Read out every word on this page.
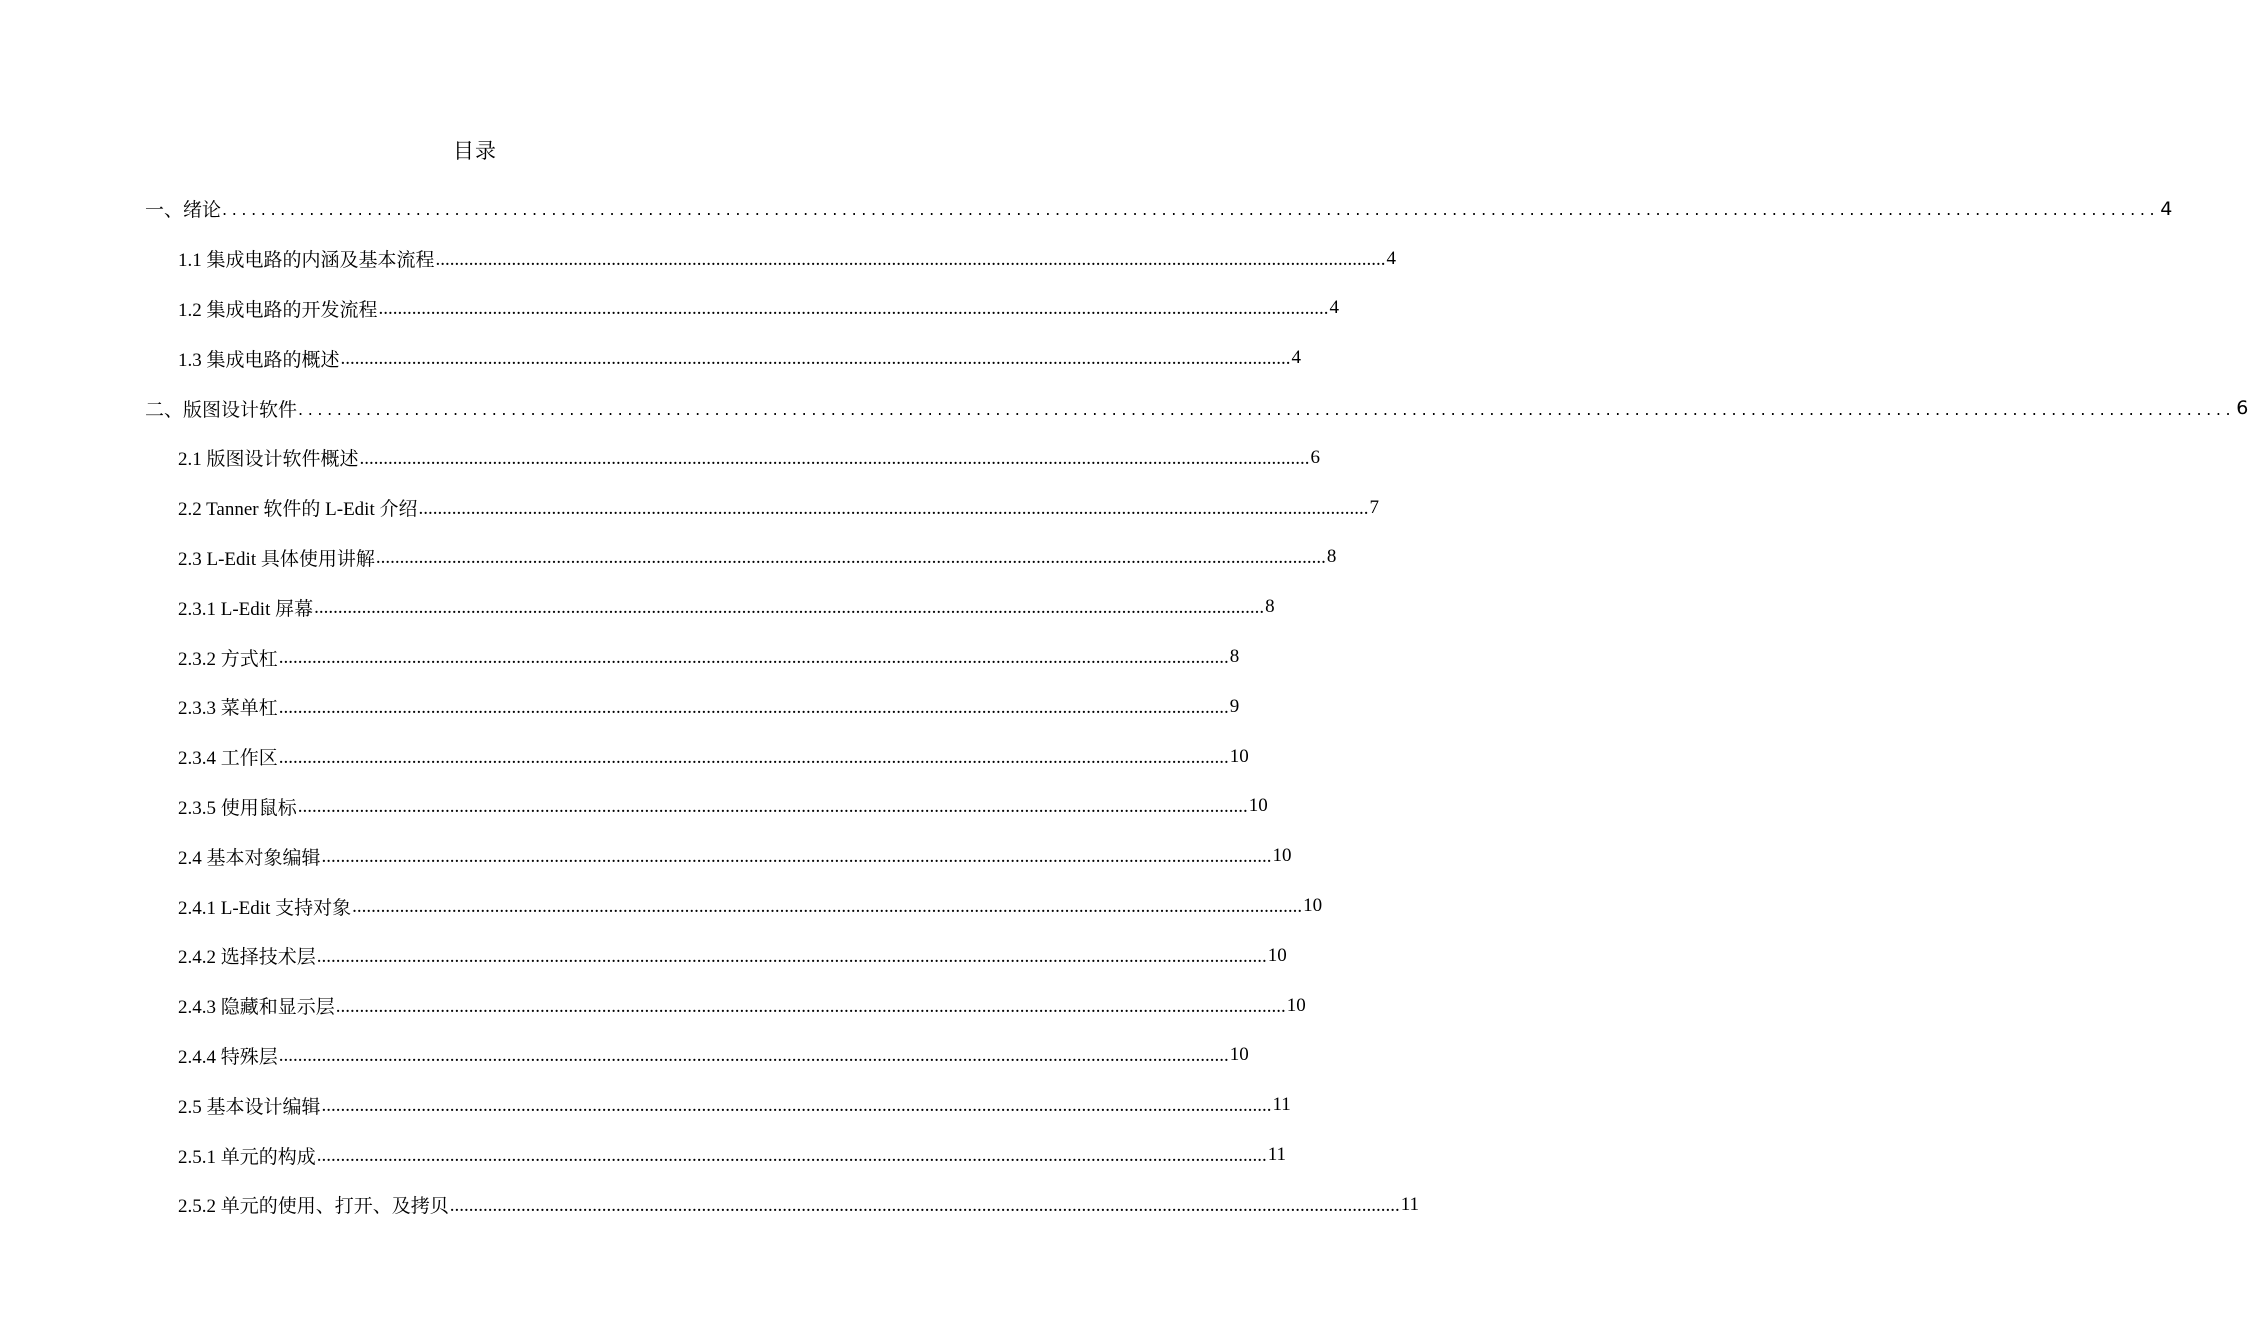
目录
一、绪论 ........................................................................................................................................................................................................ 4
1.1 集成电路的内涵及基本流程 ........................................................................................................................................................................................................ 4
1.2 集成电路的开发流程 ........................................................................................................................................................................................................ 4
1.3 集成电路的概述 ........................................................................................................................................................................................................ 4
二、版图设计软件 ........................................................................................................................................................................................................ 6
2.1 版图设计软件概述 ........................................................................................................................................................................................................ 6
2.2 Tanner 软件的 L-Edit 介绍 ........................................................................................................................................................................................................ 7
2.3 L-Edit 具体使用讲解 ........................................................................................................................................................................................................ 8
2.3.1 L-Edit 屏幕 ........................................................................................................................................................................................................ 8
2.3.2 方式杠 ........................................................................................................................................................................................................ 8
2.3.3 菜单杠 ........................................................................................................................................................................................................ 9
2.3.4 工作区 ........................................................................................................................................................................................................ 10
2.3.5 使用鼠标 ........................................................................................................................................................................................................ 10
2.4 基本对象编辑 ........................................................................................................................................................................................................ 10
2.4.1 L-Edit 支持对象 ........................................................................................................................................................................................................ 10
2.4.2 选择技术层 ........................................................................................................................................................................................................ 10
2.4.3 隐藏和显示层 ........................................................................................................................................................................................................ 10
2.4.4 特殊层 ........................................................................................................................................................................................................ 10
2.5 基本设计编辑 ........................................................................................................................................................................................................ 11
2.5.1 单元的构成 ........................................................................................................................................................................................................ 11
2.5.2 单元的使用、打开、及拷贝 ........................................................................................................................................................................................................ 11
